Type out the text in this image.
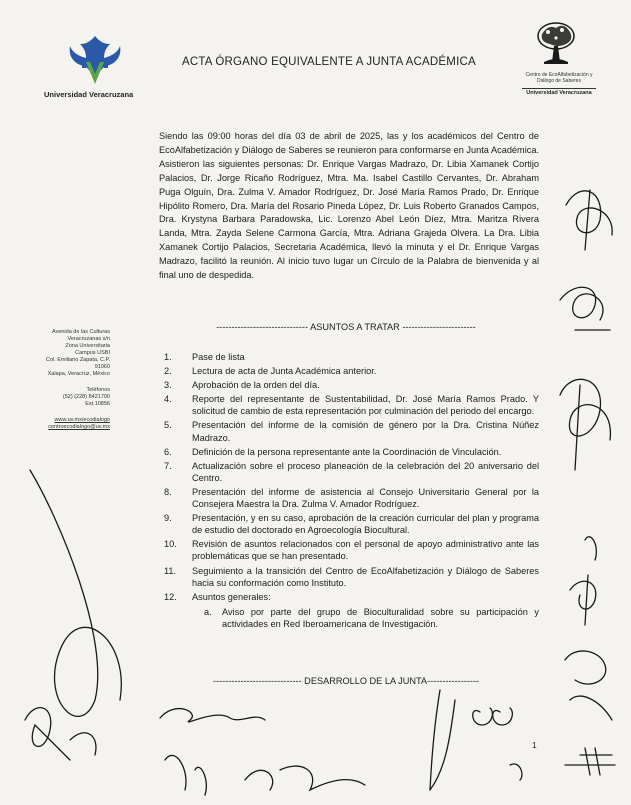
Universidad Veracruzana
ACTA ÓRGANO EQUIVALENTE A JUNTA ACADÉMICA
Centro de EcoAlfabetización y Diálogo de Saberes
Universidad Veracruzana
Avenida de las Culturas
Veracruzanas s/n
Zona Universitaria
Campus USBI
Col. Emiliano Zapata, C.P.
91060
Xalapa, Veracruz, México
Teléfonos
(52) (228) 8421700
Ext.10856
www.uv.mx/ecodialogo
centroecodialogo@uv.mx
Siendo las 09:00 horas del día 03 de abril de 2025, las y los académicos del Centro de EcoAlfabetización y Diálogo de Saberes se reunieron para conformarse en Junta Académica. Asistieron las siguientes personas: Dr. Enrique Vargas Madrazo, Dr. Libia Xamanek Cortijo Palacios, Dr. Jorge Ricaño Rodríguez, Mtra. Ma. Isabel Castillo Cervantes, Dr. Abraham Puga Olguín, Dra. Zulma V. Amador Rodríguez, Dr. José María Ramos Prado, Dr. Enrique Hipólito Romero, Dra. María del Rosario Pineda López, Dr. Luis Roberto Granados Campos, Dra. Krystyna Barbara Paradowska, Lic. Lorenzo Abel León Díez, Mtra. Maritza Rivera Landa, Mtra. Zayda Selene Carmona García, Mtra. Adriana Grajeda Olvera. La Dra. Libia Xamanek Cortijo Palacios, Secretaria Académica, llevó la minuta y el Dr. Enrique Vargas Madrazo, facilitó la reunión. Al inicio tuvo lugar un Círculo de la Palabra de bienvenida y al final uno de despedida.
------------------------------ ASUNTOS A TRATAR ------------------------
1.	Pase de lista
2.	Lectura de acta de Junta Académica anterior.
3.	Aprobación de la orden del día.
4.	Reporte del representante de Sustentabilidad, Dr. José María Ramos Prado. Y solicitud de cambio de esta representación por culminación del periodo del encargo.
5.	Presentación del informe de la comisión de género por la Dra. Cristina Núñez Madrazo.
6.	Definición de la persona representante ante la Coordinación de Vinculación.
7.	Actualización sobre el proceso planeación de la celebración del 20 aniversario del Centro.
8.	Presentación del informe de asistencia al Consejo Universitario General por la Consejera Maestra la Dra. Zulma V. Amador Rodríguez.
9.	Presentación, y en su caso, aprobación de la creación curricular del plan y programa de estudio del doctorado en Agroecología Biocultural.
10.	Revisión de asuntos relacionados con el personal de apoyo administrativo ante las problemáticas que se han presentado.
11.	Seguimiento a la transición del Centro de EcoAlfabetización y Diálogo de Saberes hacia su conformación como Instituto.
12.	Asuntos generales:
a.	Aviso por parte del grupo de Bioculturalidad sobre su participación y actividades en Red Iberoamericana de Investigación.
----------------------------- DESARROLLO DE LA JUNTA-----------------
1
